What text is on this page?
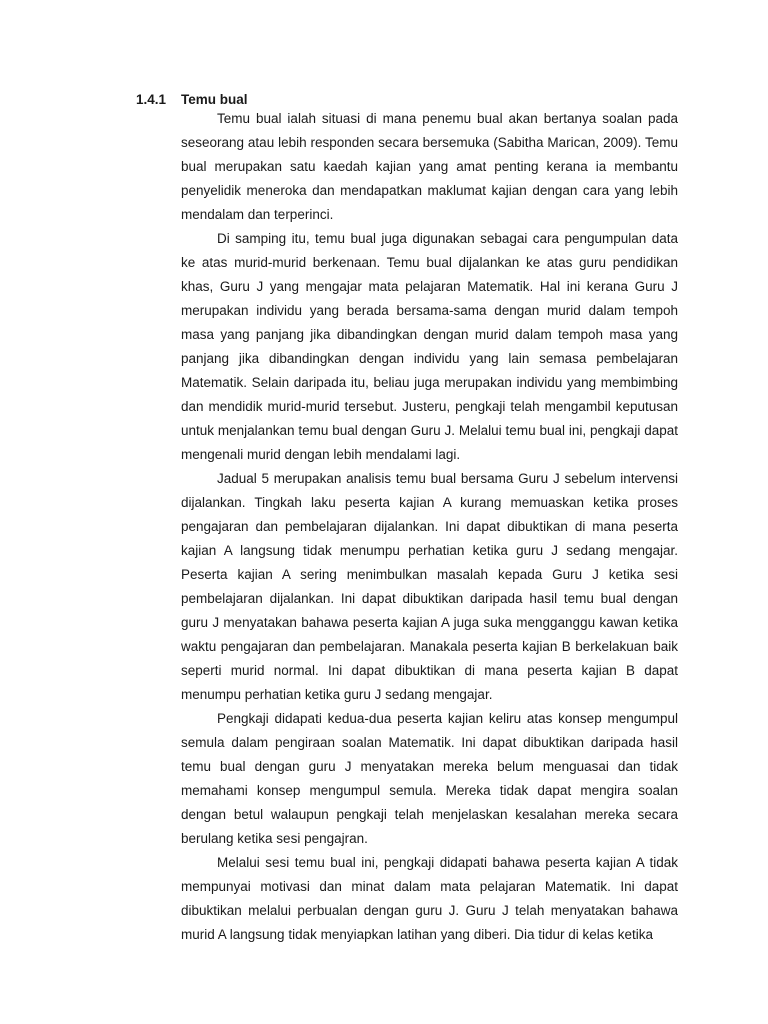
1.4.1 Temu bual

Temu bual ialah situasi di mana penemu bual akan bertanya soalan pada seseorang atau lebih responden secara bersemuka (Sabitha Marican, 2009). Temu bual merupakan satu kaedah kajian yang amat penting kerana ia membantu penyelidik meneroka dan mendapatkan maklumat kajian dengan cara yang lebih mendalam dan terperinci.

Di samping itu, temu bual juga digunakan sebagai cara pengumpulan data ke atas murid-murid berkenaan. Temu bual dijalankan ke atas guru pendidikan khas, Guru J yang mengajar mata pelajaran Matematik. Hal ini kerana Guru J merupakan individu yang berada bersama-sama dengan murid dalam tempoh masa yang panjang jika dibandingkan dengan murid dalam tempoh masa yang panjang jika dibandingkan dengan individu yang lain semasa pembelajaran Matematik. Selain daripada itu, beliau juga merupakan individu yang membimbing dan mendidik murid-murid tersebut. Justeru, pengkaji telah mengambil keputusan untuk menjalankan temu bual dengan Guru J. Melalui temu bual ini, pengkaji dapat mengenali murid dengan lebih mendalami lagi.

Jadual 5 merupakan analisis temu bual bersama Guru J sebelum intervensi dijalankan. Tingkah laku peserta kajian A kurang memuaskan ketika proses pengajaran dan pembelajaran dijalankan. Ini dapat dibuktikan di mana peserta kajian A langsung tidak menumpu perhatian ketika guru J sedang mengajar. Peserta kajian A sering menimbulkan masalah kepada Guru J ketika sesi pembelajaran dijalankan. Ini dapat dibuktikan daripada hasil temu bual dengan guru J menyatakan bahawa peserta kajian A juga suka mengganggu kawan ketika waktu pengajaran dan pembelajaran. Manakala peserta kajian B berkelakuan baik seperti murid normal. Ini dapat dibuktikan di mana peserta kajian B dapat menumpu perhatian ketika guru J sedang mengajar.

Pengkaji didapati kedua-dua peserta kajian keliru atas konsep mengumpul semula dalam pengiraan soalan Matematik. Ini dapat dibuktikan daripada hasil temu bual dengan guru J menyatakan mereka belum menguasai dan tidak memahami konsep mengumpul semula. Mereka tidak dapat mengira soalan dengan betul walaupun pengkaji telah menjelaskan kesalahan mereka secara berulang ketika sesi pengajran.

Melalui sesi temu bual ini, pengkaji didapati bahawa peserta kajian A tidak mempunyai motivasi dan minat dalam mata pelajaran Matematik. Ini dapat dibuktikan melalui perbualan dengan guru J. Guru J telah menyatakan bahawa murid A langsung tidak menyiapkan latihan yang diberi. Dia tidur di kelas ketika
